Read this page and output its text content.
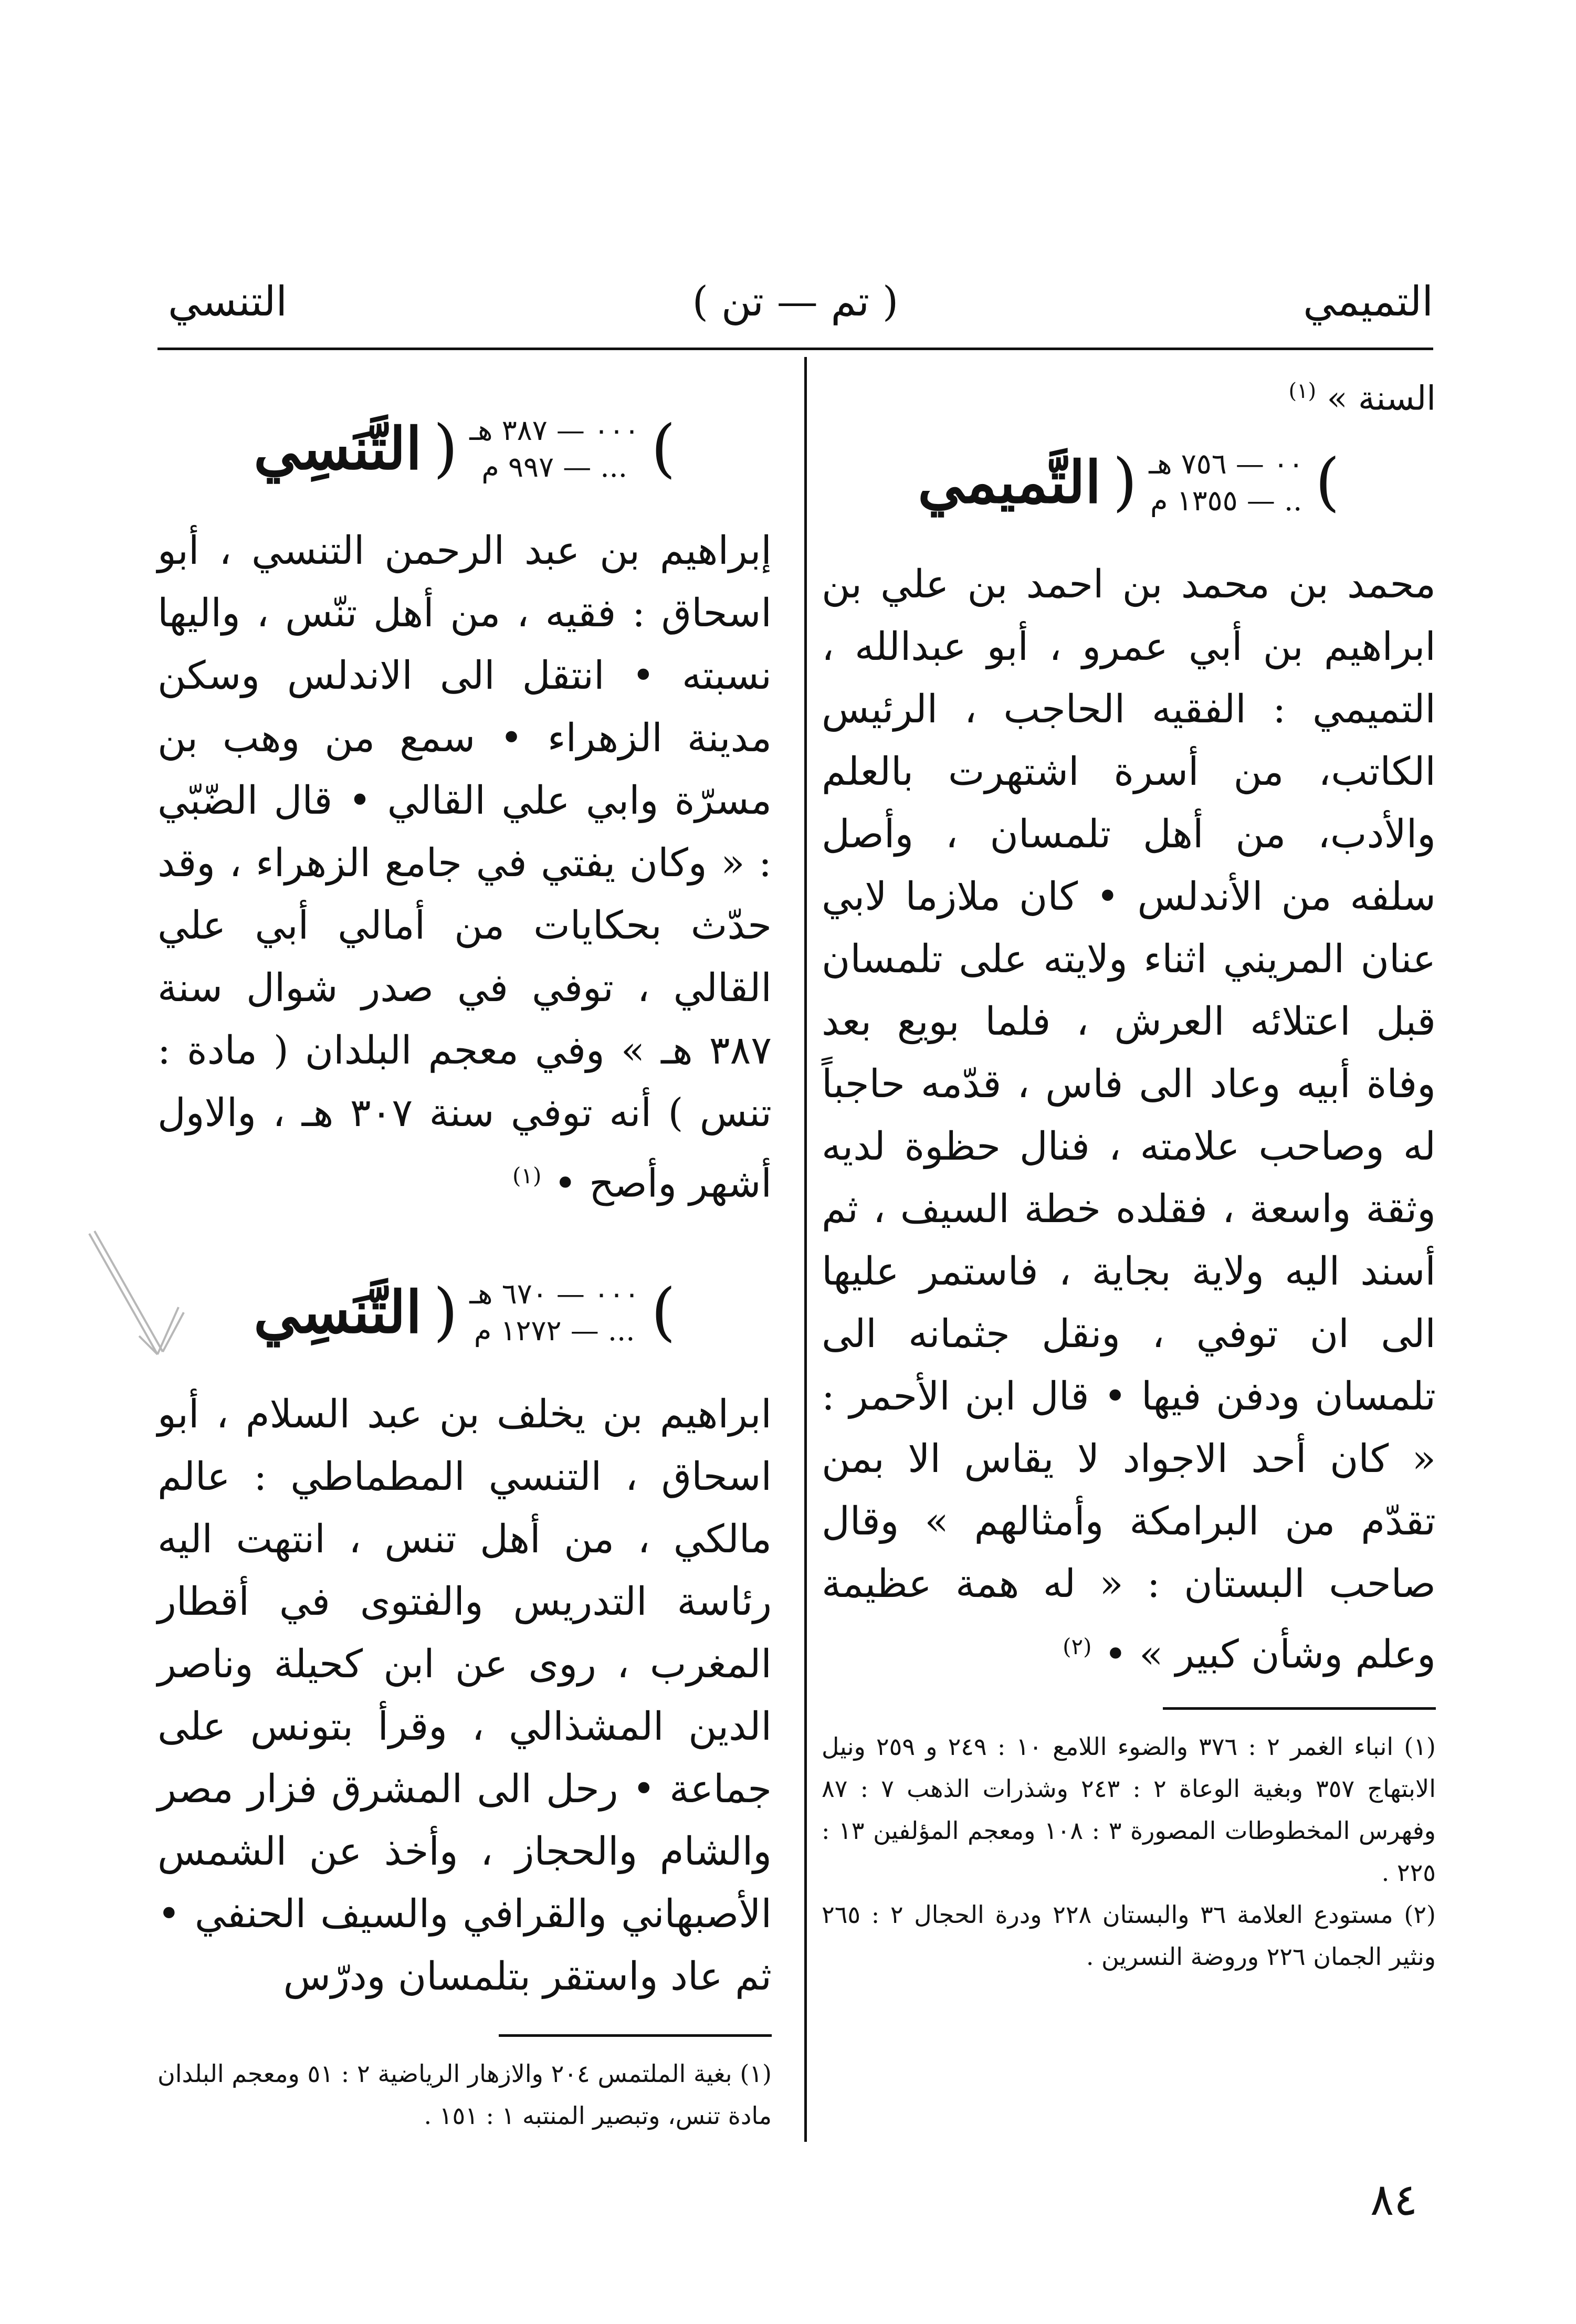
التميمي
( تم — تن )
التنسي

السنة » $^{(١)}$

التَّميمي ( ٠٠ — ٧٥٦ هـ
.. — ١٣٥٥ م )

محمد بن محمد بن احمد بن علي بن ابراهيم بن أبي عمرو ، أبو عبدالله ، التميمي : الفقيه الحاجب ، الرئيس الكاتب، من أسرة اشتهرت بالعلم والأدب، من أهل تلمسان ، وأصل سلفه من الأندلس • كان ملازما لابي عنان المريني اثناء ولايته على تلمسان قبل اعتلائه العرش ، فلما بويع بعد وفاة أبيه وعاد الى فاس ، قدّمه حاجباً له وصاحب علامته ، فنال حظوة لديه وثقة واسعة ، فقلده خطة السيف ، ثم أسند اليه ولاية بجاية ، فاستمر عليها الى ان توفي ، ونقل جثمانه الى تلمسان ودفن فيها • قال ابن الأحمر : « كان أحد الاجواد لا يقاس الا بمن تقدّم من البرامكة وأمثالهم » وقال صاحب البستان : « له همة عظيمة وعلم وشأن كبير » • $^{(٢)}$

(١) انباء الغمر ٢ : ٣٧٦ والضوء اللامع ١٠ : ٢٤٩ و ٢٥٩ ونيل الابتهاج ٣٥٧ وبغية الوعاة ٢ : ٢٤٣ وشذرات الذهب ٧ : ٨٧ وفهرس المخطوطات المصورة ٣ : ١٠٨ ومعجم المؤلفين ١٣ : ٢٢٥ .

(٢) مستودع العلامة ٣٦ والبستان ٢٢٨ ودرة الحجال ٢ : ٢٦٥ ونثير الجمان ٢٢٦ وروضة النسرين .

التَّنَسِي ( ٠٠٠ — ٣٨٧ هـ
... — ٩٩٧ م )

إبراهيم بن عبد الرحمن التنسي ، أبو اسحاق : فقيه ، من أهل تنّس ، واليها نسبته • انتقل الى الاندلس وسكن مدينة الزهراء • سمع من وهب بن مسرّة وابي علي القالي • قال الضّبّي : « وكان يفتي في جامع الزهراء ، وقد حدّث بحكايات من أمالي أبي علي القالي ، توفي في صدر شوال سنة ٣٨٧ هـ » وفي معجم البلدان ( مادة : تنس ) أنه توفي سنة ٣٠٧ هـ ، والاول أشهر وأصح • $^{(١)}$

التَّنَسِي ( ٠٠٠ — ٦٧٠ هـ
... — ١٢٧٢ م )

ابراهيم بن يخلف بن عبد السلام ، أبو اسحاق ، التنسي المطماطي : عالم مالكي ، من أهل تنس ، انتهت اليه رئاسة التدريس والفتوى في أقطار المغرب ، روى عن ابن كحيلة وناصر الدين المشذالي ، وقرأ بتونس على جماعة • رحل الى المشرق فزار مصر والشام والحجاز ، وأخذ عن الشمس الأصبهاني والقرافي والسيف الحنفي • ثم عاد واستقر بتلمسان ودرّس

(١) بغية الملتمس ٢٠٤ والازهار الرياضية ٢ : ٥١ ومعجم البلدان مادة تنس، وتبصير المنتبه ١ : ١٥١ .

٨٤
